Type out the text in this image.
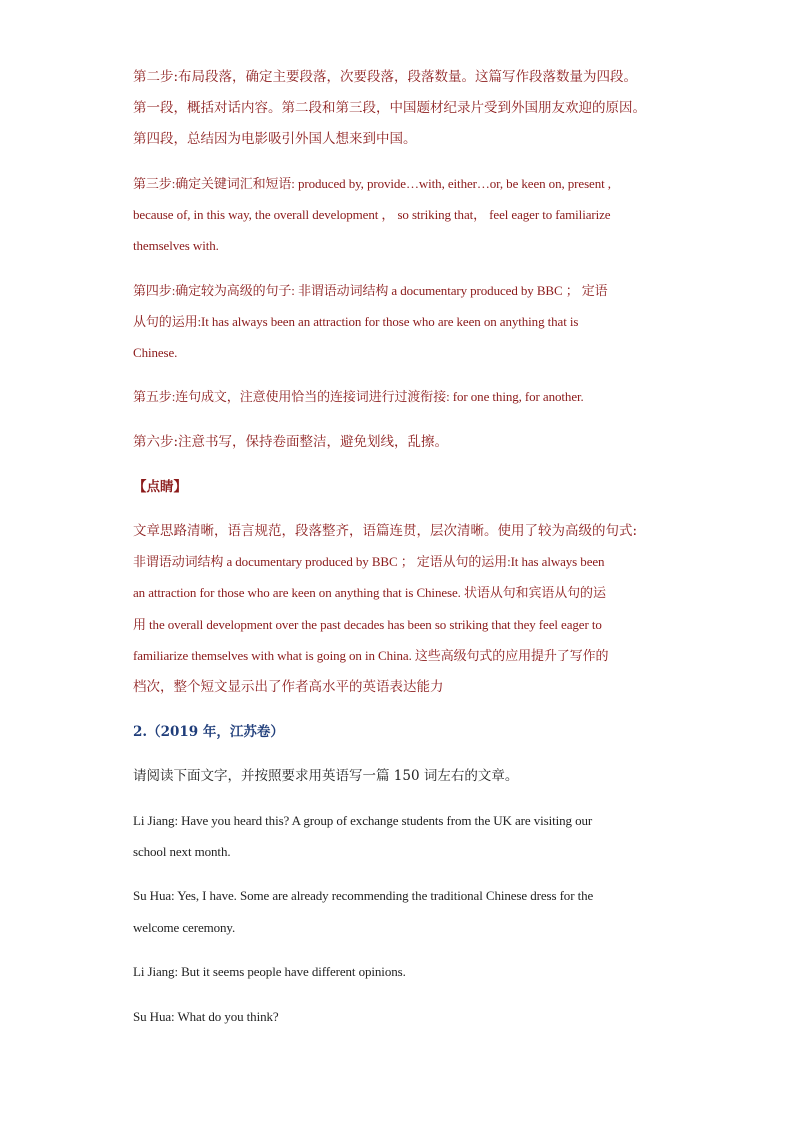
第二步:布局段落，确定主要段落，次要段落，段落数量。这篇写作段落数量为四段。
第一段，概括对话内容。第二段和第三段，中国题材纪录片受到外国朋友欢迎的原因。
第四段，总结因为电影吸引外国人想来到中国。
第三步:确定关键词汇和短语: produced by, provide…with, either…or, be keen on, present ,
because of, in this way, the overall development ， so striking that， feel eager to familiarize
themselves with.
第四步:确定较为高级的句子: 非谓语动词结构 a documentary produced by BBC ； 定语
从句的运用:It has always been an attraction for those who are keen on anything that is
Chinese.
第五步:连句成文，注意使用恰当的连接词进行过渡衔接: for one thing, for another.
第六步:注意书写，保持卷面整洁，避免划线，乱擦。
【点睛】
文章思路清晰，语言规范，段落整齐，语篇连贯，层次清晰。使用了较为高级的句式:
非谓语动词结构 a documentary produced by BBC ； 定语从句的运用:It has always been
an attraction for those who are keen on anything that is Chinese. 状语从句和宾语从句的运
用 the overall development over the past decades has been so striking that they feel eager to
familiarize themselves with what is going on in China. 这些高级句式的应用提升了写作的
档次，整个短文显示出了作者高水平的英语表达能力
2.（2019 年，江苏卷）
请阅读下面文字，并按照要求用英语写一篇 150 词左右的文章。
Li Jiang: Have you heard this? A group of exchange students from the UK are visiting our
school next month.
Su Hua: Yes, I have. Some are already recommending the traditional Chinese dress for the
welcome ceremony.
Li Jiang: But it seems people have different opinions.
Su Hua: What do you think?
